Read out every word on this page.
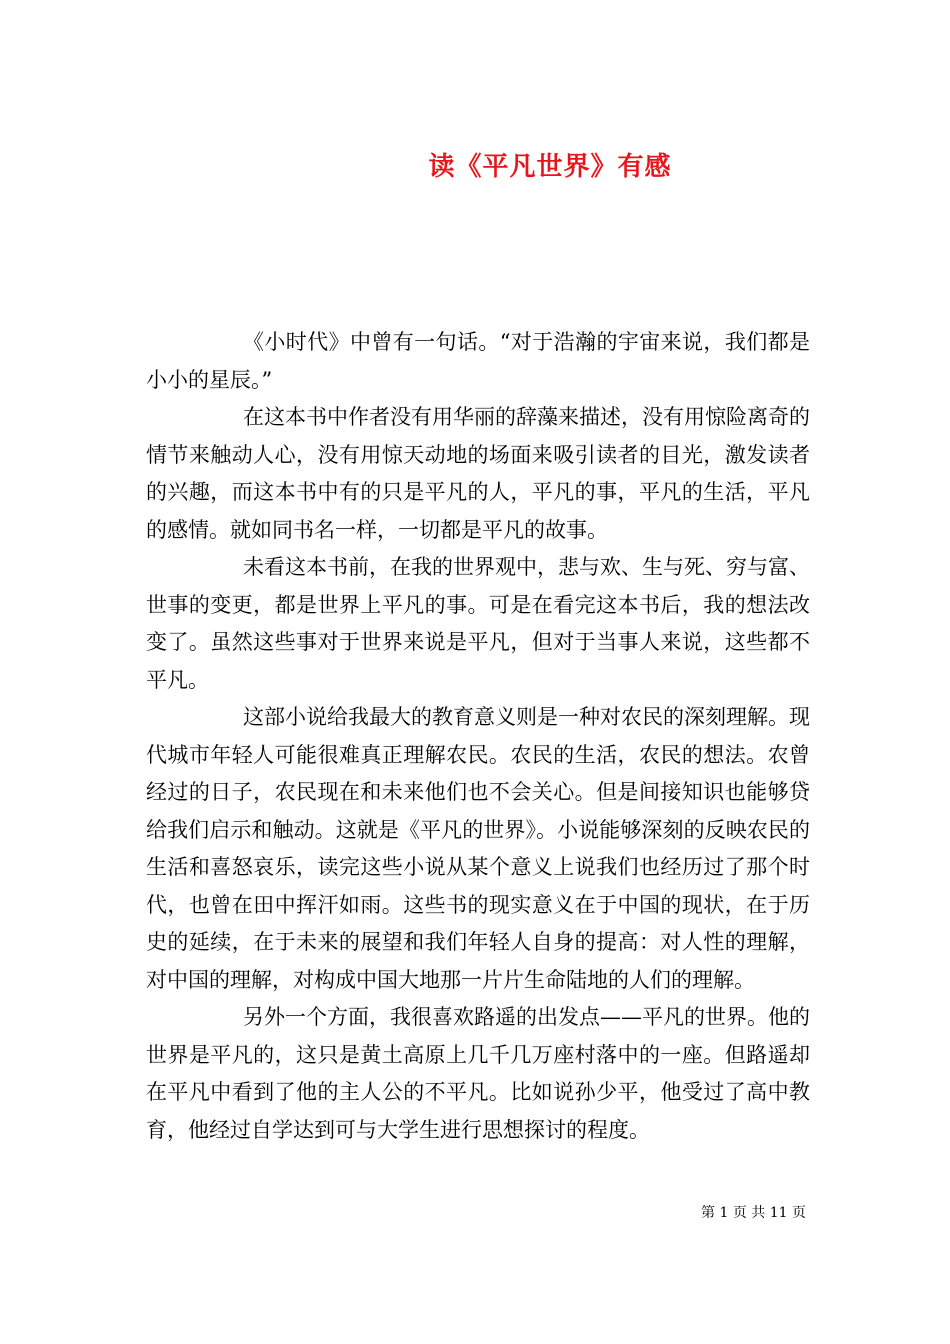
读《平凡世界》有感

《小时代》中曾有一句话。“对于浩瀚的宇宙来说，我们都是小小的星辰。”

在这本书中作者没有用华丽的辞藻来描述，没有用惊险离奇的情节来触动人心，没有用惊天动地的场面来吸引读者的目光，激发读者的兴趣，而这本书中有的只是平凡的人，平凡的事，平凡的生活，平凡的感情。就如同书名一样，一切都是平凡的故事。

未看这本书前，在我的世界观中，悲与欢、生与死、穷与富、世事的变更，都是世界上平凡的事。可是在看完这本书后，我的想法改变了。虽然这些事对于世界来说是平凡，但对于当事人来说，这些都不平凡。

这部小说给我最大的教育意义则是一种对农民的深刻理解。现代城市年轻人可能很难真正理解农民。农民的生活，农民的想法。农曾经过的日子，农民现在和未来他们也不会关心。但是间接知识也能够贷给我们启示和触动。这就是《平凡的世界》。小说能够深刻的反映农民的生活和喜怒哀乐，读完这些小说从某个意义上说我们也经历过了那个时代，也曾在田中挥汗如雨。这些书的现实意义在于中国的现状，在于历史的延续，在于未来的展望和我们年轻人自身的提高：对人性的理解，对中国的理解，对构成中国大地那一片片生命陆地的人们的理解。

另外一个方面，我很喜欢路遥的出发点——平凡的世界。他的世界是平凡的，这只是黄土高原上几千几万座村落中的一座。但路遥却在平凡中看到了他的主人公的不平凡。比如说孙少平，他受过了高中教育，他经过自学达到可与大学生进行思想探讨的程度。

第 1 页 共 11 页
